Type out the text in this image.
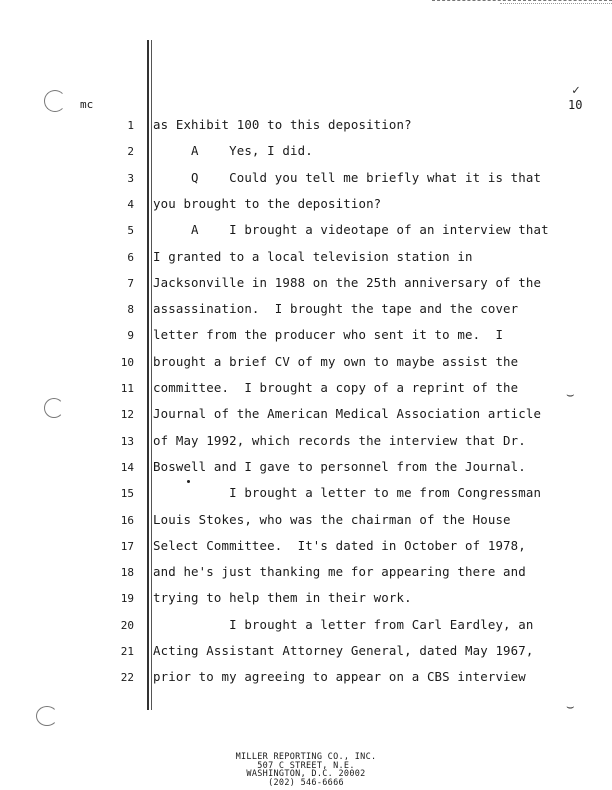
mc	10
✓
⌣
⌣
1 as Exhibit 100 to this deposition?
2 A    Yes, I did.
3 Q    Could you tell me briefly what it is that
4 you brought to the deposition?
5 A    I brought a videotape of an interview that
6 I granted to a local television station in
7 Jacksonville in 1988 on the 25th anniversary of the
8 assassination.  I brought the tape and the cover
9 letter from the producer who sent it to me.  I
10 brought a brief CV of my own to maybe assist the
11 committee.  I brought a copy of a reprint of the
12 Journal of the American Medical Association article
13 of May 1992, which records the interview that Dr.
14 Boswell and I gave to personnel from the Journal.
15 I brought a letter to me from Congressman
16 Louis Stokes, who was the chairman of the House
17 Select Committee.  It's dated in October of 1978,
18 and he's just thanking me for appearing there and
19 trying to help them in their work.
20 I brought a letter from Carl Eardley, an
21 Acting Assistant Attorney General, dated May 1967,
22 prior to my agreeing to appear on a CBS interview
MILLER REPORTING CO., INC.
507 C STREET, N.E.
WASHINGTON, D.C. 20002
(202) 546-6666
